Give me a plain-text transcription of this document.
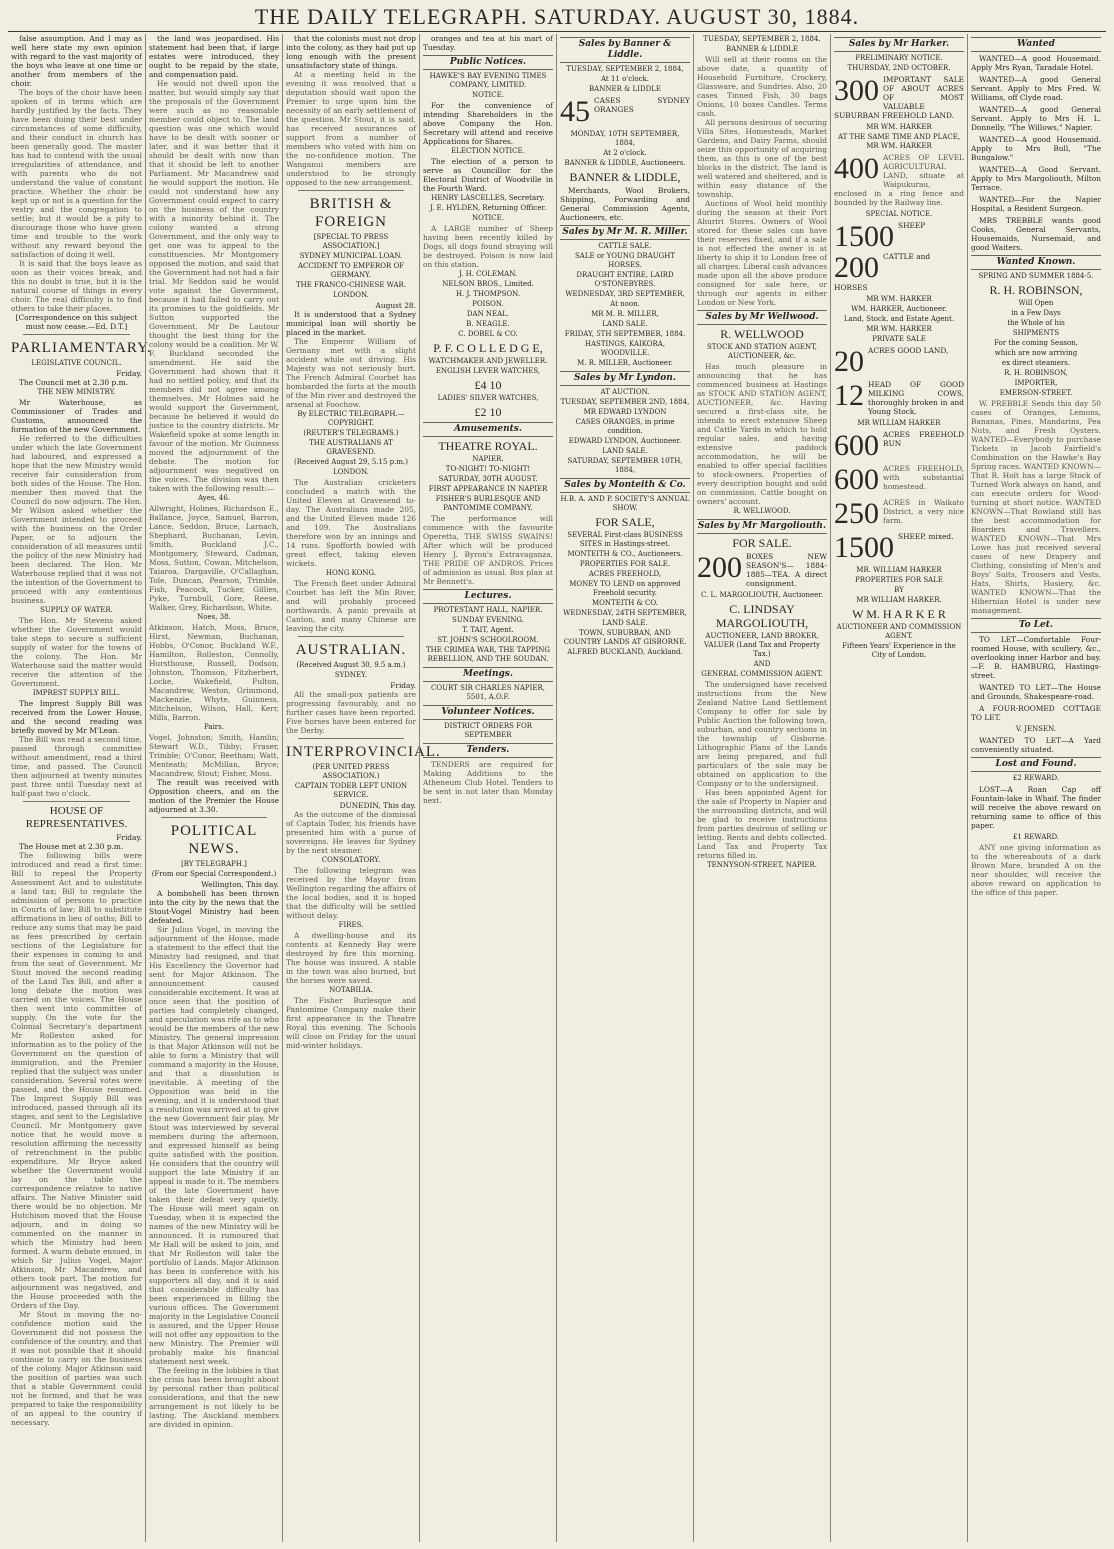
THE DAILY TELEGRAPH. SATURDAY. AUGUST 30, 1884.

false assumption. And I may as well here state my own opinion with regard to the vast majority of the boys who leave at one time or another from members of the choir.

The boys of the choir have been spoken of in terms which are hardly justified by the facts. They have been doing their best under circumstances of some difficulty, and their conduct in church has been generally good. The master has had to contend with the usual irregularities of attendance, and with parents who do not understand the value of constant practice. Whether the choir be kept up or not is a question for the vestry and the congregation to settle; but it would be a pity to discourage those who have given time and trouble to the work without any reward beyond the satisfaction of doing it well.

It is said that the boys leave as soon as their voices break, and this no doubt is true, but it is the natural course of things in every choir. The real difficulty is to find others to take their places.

[Correspondence on this subject must now cease.—Ed. D.T.]

PARLIAMENTARY.
LEGISLATIVE COUNCIL.

Friday.

The Council met at 2.30 p.m.

THE NEW MINISTRY.

Mr Waterhouse, as Commissioner of Trades and Customs, announced the formation of the new Government.

He referred to the difficulties under which the late Government had laboured, and expressed a hope that the new Ministry would receive fair consideration from both sides of the House. The Hon. member then moved that the Council do now adjourn. The Hon. Mr Wilson asked whether the Government intended to proceed with the business on the Order Paper, or to adjourn the consideration of all measures until the policy of the new Ministry had been declared. The Hon. Mr Waterhouse replied that it was not the intention of the Government to proceed with any contentious business.

SUPPLY OF WATER.

The Hon. Mr Stevens asked whether the Government would take steps to secure a sufficient supply of water for the towns of the colony. The Hon. Mr Waterhouse said the matter would receive the attention of the Government.

IMPREST SUPPLY BILL.

The Imprest Supply Bill was received from the Lower House, and the second reading was briefly moved by Mr M'Lean.

The Bill was read a second time, passed through committee without amendment, read a third time, and passed. The Council then adjourned at twenty minutes past three until Tuesday next at half-past two o'clock.

HOUSE OF REPRESENTATIVES.

Friday.

The House met at 2.30 p.m.

The following bills were introduced and read a first time: Bill to repeal the Property Assessment Act and to substitute a land tax; Bill to regulate the admission of persons to practice in Courts of law; Bill to substitute affirmations in lieu of oaths; Bill to reduce any sums that may be paid as fees prescribed by certain sections of the Legislature for their expenses in coming to and from the seat of Government. Mr Stout moved the second reading of the Land Tax Bill, and after a long debate the motion was carried on the voices. The House then went into committee of supply. On the vote for the Colonial Secretary's department Mr Rolleston asked for information as to the policy of the Government on the question of immigration, and the Premier replied that the subject was under consideration. Several votes were passed, and the House resumed. The Imprest Supply Bill was introduced, passed through all its stages, and sent to the Legislative Council. Mr Montgomery gave notice that he would move a resolution affirming the necessity of retrenchment in the public expenditure. Mr Bryce asked whether the Government would lay on the table the correspondence relative to native affairs. The Native Minister said there would be no objection. Mr Hutchison moved that the House adjourn, and in doing so commented on the manner in which the Ministry had been formed. A warm debate ensued, in which Sir Julius Vogel, Major Atkinson, Mr Macandrew, and others took part. The motion for adjournment was negatived, and the House proceeded with the Orders of the Day.

Mr Stout in moving the no-confidence motion said the Government did not possess the confidence of the country, and that it was not possible that it should continue to carry on the business of the colony. Major Atkinson said the position of parties was such that a stable Government could not be formed, and that he was prepared to take the responsibility of an appeal to the country if necessary.

the land was jeopardised. His statement had been that, if large estates were introduced, they ought to be repaid by the state, and compensation paid.

He would not dwell upon the matter, but would simply say that the proposals of the Government were such as no reasonable member could object to. The land question was one which would have to be dealt with sooner or later, and it was better that it should be dealt with now than that it should be left to another Parliament. Mr Macandrew said he would support the motion. He could not understand how any Government could expect to carry on the business of the country with a minority behind it. The colony wanted a strong Government, and the only way to get one was to appeal to the constituencies. Mr Montgomery opposed the motion, and said that the Government had not had a fair trial. Mr Seddon said he would vote against the Government, because it had failed to carry out its promises to the goldfields. Mr Sutton supported the Government. Mr De Lautour thought the best thing for the colony would be a coalition. Mr W. F. Buckland seconded the amendment. He said the Government had shown that it had no settled policy, and that its members did not agree among themselves. Mr Holmes said he would support the Government, because he believed it would do justice to the country districts. Mr Wakefield spoke at some length in favour of the motion. Mr Guinness moved the adjournment of the debate. The motion for adjournment was negatived on the voices. The division was then taken with the following result:—

Ayes, 46.

Allwright, Holmes, Richardson E., Ballance, Joyce, Samuel, Barron, Lance, Seddon, Bruce, Larnach, Shephard, Buchanan, Levin, Smith, Buckland J.C., Montgomery, Steward, Cadman, Moss, Sutton, Cowan, Mitchelson, Taiaroa, Dargaville, O'Callaghan, Tole, Duncan, Pearson, Trimble, Fish, Peacock, Tucker, Gillies, Pyke, Turnbull, Gore, Reese, Walker, Grey, Richardson, White.

Noes, 38.

Atkinson, Hatch, Moss, Bruce, Hirst, Newman, Buchanan, Hobbs, O'Conor, Buckland W.F., Hamilton, Rolleston, Connolly, Hursthouse, Russell, Dodson, Johnston, Thomson, Fitzherbert, Locke, Wakefield, Fulton, Macandrew, Weston, Grimmond, Mackenzie, Whyte, Guinness, Mitchelson, Wilson, Hall, Kerr, Mills, Barron.

Pairs.

Vogel, Johnston; Smith, Hamlin; Stewart W.D., Tibby; Fraser, Trimble; O'Conor, Beetham; Watt, Menteath; McMillan, Bryce; Macandrew, Stout; Fisher, Moss.

The result was received with Opposition cheers, and on the motion of the Premier the House adjourned at 3.30.

POLITICAL NEWS.
[BY TELEGRAPH.]
(From our Special Correspondent.)

Wellington, This day.

A bombshell has been thrown into the city by the news that the Stout-Vogel Ministry had been defeated.

Sir Julius Vogel, in moving the adjournment of the House, made a statement to the effect that the Ministry had resigned, and that His Excellency the Governor had sent for Major Atkinson. The announcement caused considerable excitement. It was at once seen that the position of parties had completely changed, and speculation was rife as to who would be the members of the new Ministry. The general impression is that Major Atkinson will not be able to form a Ministry that will command a majority in the House, and that a dissolution is inevitable. A meeting of the Opposition was held in the evening, and it is understood that a resolution was arrived at to give the new Government fair play. Mr Stout was interviewed by several members during the afternoon, and expressed himself as being quite satisfied with the position. He considers that the country will support the late Ministry if an appeal is made to it. The members of the late Government have taken their defeat very quietly. The House will meet again on Tuesday, when it is expected the names of the new Ministry will be announced. It is rumoured that Mr Hall will be asked to join, and that Mr Rolleston will take the portfolio of Lands. Major Atkinson has been in conference with his supporters all day, and it is said that considerable difficulty has been experienced in filling the various offices. The Government majority in the Legislative Council is assured, and the Upper House will not offer any opposition to the new Ministry. The Premier will probably make his financial statement next week.

The feeling in the lobbies is that the crisis has been brought about by personal rather than political considerations, and that the new arrangement is not likely to be lasting. The Auckland members are divided in opinion.

that the colonists must not drop into the colony, as they had put up long enough with the present unsatisfactory state of things.

At a meeting held in the evening it was resolved that a deputation should wait upon the Premier to urge upon him the necessity of an early settlement of the question. Mr Stout, it is said, has received assurances of support from a number of members who voted with him on the no-confidence motion. The Wanganui members are understood to be strongly opposed to the new arrangement.

BRITISH & FOREIGN
[SPECIAL TO PRESS ASSOCIATION.]
SYDNEY MUNICIPAL LOAN.
ACCIDENT TO EMPEROR OF GERMANY.
THE FRANCO-CHINESE WAR.
LONDON.

August 28.

It is understood that a Sydney municipal loan will shortly be placed in the market.

The Emperor William of Germany met with a slight accident while out driving. His Majesty was not seriously hurt. The French Admiral Courbet has bombarded the forts at the mouth of the Min river and destroyed the arsenal at Foochow.

By ELECTRIC TELEGRAPH.—COPYRIGHT.
(REUTER'S TELEGRAMS.)
THE AUSTRALIANS AT GRAVESEND.
(Received August 29, 5.15 p.m.)
LONDON.

The Australian cricketers concluded a match with the United Eleven at Gravesend to-day. The Australians made 205, and the United Eleven made 126 and 109. The Australians therefore won by an innings and 14 runs. Spofforth bowled with great effect, taking eleven wickets.

HONG KONG.

The French fleet under Admiral Courbet has left the Min River, and will probably proceed northwards. A panic prevails at Canton, and many Chinese are leaving the city.

AUSTRALIAN.
(Received August 30, 9.5 a.m.)
SYDNEY.

Friday.

All the small-pox patients are progressing favourably, and no further cases have been reported. Five horses have been entered for the Derby.

INTERPROVINCIAL.
(PER UNITED PRESS ASSOCIATION.)
CAPTAIN TODER LEFT UNION SERVICE.

DUNEDIN, This day.

As the outcome of the dismissal of Captain Toder, his friends have presented him with a purse of sovereigns. He leaves for Sydney by the next steamer.

CONSOLATORY.

The following telegram was received by the Mayor from Wellington regarding the affairs of the local bodies, and it is hoped that the difficulty will be settled without delay.

FIRES.

A dwelling-house and its contents at Kennedy Bay were destroyed by fire this morning. The house was insured. A stable in the town was also burned, but the horses were saved.

NOTABILIA.

The Fisher Burlesque and Pantomime Company make their first appearance in the Theatre Royal this evening. The Schools will close on Friday for the usual mid-winter holidays.

oranges and tea at his mart of Tuesday.

Public Notices.
HAWKE'S BAY EVENING TIMES COMPANY, LIMITED.
NOTICE.

For the convenience of intending Shareholders in the above Company the Hon. Secretary will attend and receive Applications for Shares.

ELECTION NOTICE.

The election of a person to serve as Councillor for the Electoral District of Woodville in the Fourth Ward.

HENRY LASCELLES, Secretary.
J. E. HYLDEN, Returning Officer.
NOTICE.

A LARGE number of Sheep having been recently killed by Dogs, all dogs found straying will be destroyed. Poison is now laid on this station.

J. H. COLEMAN.
NELSON BROS., Limited.
H. J. THOMPSON.
POISON.
DAN NEAL.
B. NEAGLE.
C. DOBEL & CO.
P. F. C O L L E D G E,
WATCHMAKER AND JEWELLER.
ENGLISH LEVER WATCHES,
£4 10
LADIES' SILVER WATCHES,
£2 10
Amusements.
THEATRE ROYAL.
NAPIER.
TO-NIGHT! TO-NIGHT!
SATURDAY, 30TH AUGUST.
FIRST APPEARANCE IN NAPIER
FISHER'S BURLESQUE AND PANTOMIME COMPANY.

The performance will commence with the favourite Operetta, THE SWISS SWAINS! After which will be produced Henry J. Byron's Extravaganza, THE PRIDE OF ANDROS. Prices of admission as usual. Box plan at Mr Bennett's.

Lectures.
PROTESTANT HALL, NAPIER.
SUNDAY EVENING.
T. TAIT, Agent.
ST. JOHN'S SCHOOLROOM.
THE CRIMEA WAR, THE TAPPING REBELLION, AND THE SOUDAN.
Meetings.
COURT SIR CHARLES NAPIER, 5501, A.O.F.
Volunteer Notices.
DISTRICT ORDERS FOR SEPTEMBER
Tenders.

TENDERS are required for Making Additions to the Atheneum Club Hotel. Tenders to be sent in not later than Monday next.

Sales by Banner & Liddle.
TUESDAY, SEPTEMBER 2, 1884,
At 11 o'clock.
BANNER & LIDDLE
45 CASES SYDNEY ORANGES
MONDAY, 10TH SEPTEMBER, 1884,
At 2 o'clock.
BANNER & LIDDLE, Auctioneers.
BANNER & LIDDLE,

Merchants, Wool Brokers, Shipping, Forwarding and General Commission Agents, Auctioneers, etc.

Sales by Mr M. R. Miller.
CATTLE SALE.
SALE or YOUNG DRAUGHT HORSES.
DRAUGHT ENTIRE, LAIRD O'STONEBYRES.
WEDNESDAY, 3RD SEPTEMBER,
At noon.
MR M. R. MILLER,
LAND SALE.
FRIDAY, 5TH SEPTEMBER, 1884.
HASTINGS, KAIKORA, WOODVILLE.
M. R. MILLER, Auctioneer.
Sales by Mr Lyndon.
AT AUCTION.
TUESDAY, SEPTEMBER 2ND, 1884,
MR EDWARD LYNDON
CASES ORANGES, in prime condition.
EDWARD LYNDON, Auctioneer.
LAND SALE.
SATURDAY, SEPTEMBER 10TH, 1884,
Sales by Monteith & Co.
H.B. A. AND P. SOCIETY'S ANNUAL SHOW.
FOR SALE,
SEVERAL First-class BUSINESS SITES in Hastings-street.
MONTEITH & CO., Auctioneers.
PROPERTIES FOR SALE.
ACRES FREEHOLD,
MONEY TO LEND on approved Freehold security.
MONTEITH & CO.
WEDNESDAY, 24TH SEPTEMBER,
LAND SALE.
TOWN, SUBURBAN, AND COUNTRY LANDS AT GISBORNE.
ALFRED BUCKLAND, Auckland.
TUESDAY, SEPTEMBER 2, 1884,
BANNER & LIDDLE

Will sell at their rooms on the above date, a quantity of Household Furniture, Crockery, Glassware, and Sundries. Also, 20 cases Tinned Fish, 30 bags Onions, 10 boxes Candles. Terms cash.

All persons desirous of securing Villa Sites, Homesteads, Market Gardens, and Dairy Farms, should seize this opportunity of acquiring them, as this is one of the best blocks in the district. The land is well watered and sheltered, and is within easy distance of the township.

Auctions of Wool held monthly during the season at their Port Ahuriri Stores. Owners of Wool stored for these sales can have their reserves fixed, and if a sale is not effected the owner is at liberty to ship it to London free of all charges. Liberal cash advances made upon all the above produce consigned for sale here, or through our agents in either London or New York.

Sales by Mr Wellwood.
R. WELLWOOD
STOCK AND STATION AGENT, AUCTIONEER, &c.

Has much pleasure in announcing that he has commenced business at Hastings as STOCK AND STATION AGENT, AUCTIONEER, &c. Having secured a first-class site, he intends to erect extensive Sheep and Cattle Yards in which to hold regular sales, and having extensive paddock accommodation, he will be enabled to offer special facilities to stock-owners. Properties of every description bought and sold on commission. Cattle bought on owners' account.

R. WELLWOOD.
Sales by Mr Margoliouth.
FOR SALE.
200 BOXES NEW SEASON'S— 1884-1885—TEA. A direct consignment.
C. L. MARGOLIOUTH, Auctioneer.
C. LINDSAY MARGOLIOUTH,
AUCTIONEER, LAND BROKER, VALUER (Land Tax and Property Tax.)
AND
GENERAL COMMISSION AGENT.

The undersigned have received instructions from the New Zealand Native Land Settlement Company to offer for sale by Public Auction the following town, suburban, and country sections in the township of Gisborne. Lithographic Plans of the Lands are being prepared, and full particulars of the sale may be obtained on application to the Company or to the undersigned.

Has been appointed Agent for the sale of Property in Napier and the surrounding districts, and will be glad to receive instructions from parties desirous of selling or letting. Rents and debts collected. Land Tax and Property Tax returns filled in.

TENNYSON-STREET, NAPIER.
Sales by Mr Harker.
PRELIMINARY NOTICE.
THURSDAY, 2ND OCTOBER.
300 IMPORTANT SALE OF ABOUT ACRES OF MOST VALUABLE SUBURBAN FREEHOLD LAND.
MR WM. HARKER
AT THE SAME TIME AND PLACE, MR WM. HARKER
400 ACRES OF LEVEL AGRICULTURAL LAND, situate at Waipukurau, enclosed in a ring fence and bounded by the Railway line.
SPECIAL NOTICE.
1500 SHEEP
200 CATTLE and
HORSES
MR WM. HARKER
WM. HARKER, Auctioneer.
Land, Stock, and Estate Agent.
MR WM. HARKER
PRIVATE SALE
20 ACRES GOOD LAND,
12 HEAD OF GOOD MILKING COWS, thoroughly broken in and Young Stock.
MR WILLIAM HARKER
600 ACRES FREEHOLD RUN
600 ACRES FREEHOLD, with substantial homestead.
250 ACRES in Waikato District, a very nice farm.
1500 SHEEP, mixed.
MR. WILLIAM HARKER
PROPERTIES FOR SALE
BY
MR WILLIAM HARKER.
W M. H A R K E R
AUCTIONEER AND COMMISSION AGENT.
Fifteen Years' Experience in the City of London.
Wanted

WANTED—A good Housemaid. Apply Mrs Ryan, Taradale Hotel.

WANTED—A good General Servant. Apply to Mrs Fred. W. Williams, off Clyde road.

WANTED—A good General Servant. Apply to Mrs H. L. Donnelly, "The Willows," Napier.

WANTED—A good Housemaid. Apply to Mrs Bull, "The Bungalow."

WANTED—A Good Servant. Apply to Mrs Margoliouth, Milton Terrace.

WANTED—For the Napier Hospital, a Resident Surgeon.

MRS TREBBLE wants good Cooks, General Servants, Housemaids, Nursemaid, and good Waiters.

Wanted Known.
SPRING AND SUMMER 1884-5.
R. H. ROBINSON,
Will Open
in a Few Days
the Whole of his
SHIPMENTS
For the coming Season,
which are now arriving
ex direct steamers.
R. H. ROBINSON,
IMPORTER,
EMERSON-STREET.

W. PREBBLE Sends this day 50 cases of Oranges, Lemons, Bananas, Pines, Mandarins, Pea Nuts, and Fresh Oysters. WANTED—Everybody to purchase Tickets in Jacob Fairfield's Combination on the Hawke's Bay Spring races. WANTED KNOWN—That R. Holt has a large Stock of Turned Work always on hand, and can execute orders for Wood-turning at short notice. WANTED KNOWN—That Rowland still has the best accommodation for Boarders and Travellers. WANTED KNOWN—That Mrs Lowe has just received several cases of new Drapery and Clothing, consisting of Men's and Boys' Suits, Trousers and Vests, Hats, Shirts, Hosiery, &c. WANTED KNOWN—That the Hibernian Hotel is under new management.

To Let.

TO LET—Comfortable Four-roomed House, with scullery, &c., overlooking inner Harbor and bay.—F. B. HAMBURG, Hastings-street.

WANTED TO LET—The House and Grounds, Shakespeare-road.

A FOUR-ROOMED COTTAGE TO LET.

V. JENSEN.

WANTED TO LET—A Yard conveniently situated.

Lost and Found.
£2 REWARD.

LOST—A Roan Cap off Fountain-lake in Whaif. The finder will receive the above reward on returning same to office of this paper.

£1 REWARD.

ANY one giving information as to the whereabouts of a dark Brown Mare, branded A on the near shoulder, will receive the above reward on application to the office of this paper.
